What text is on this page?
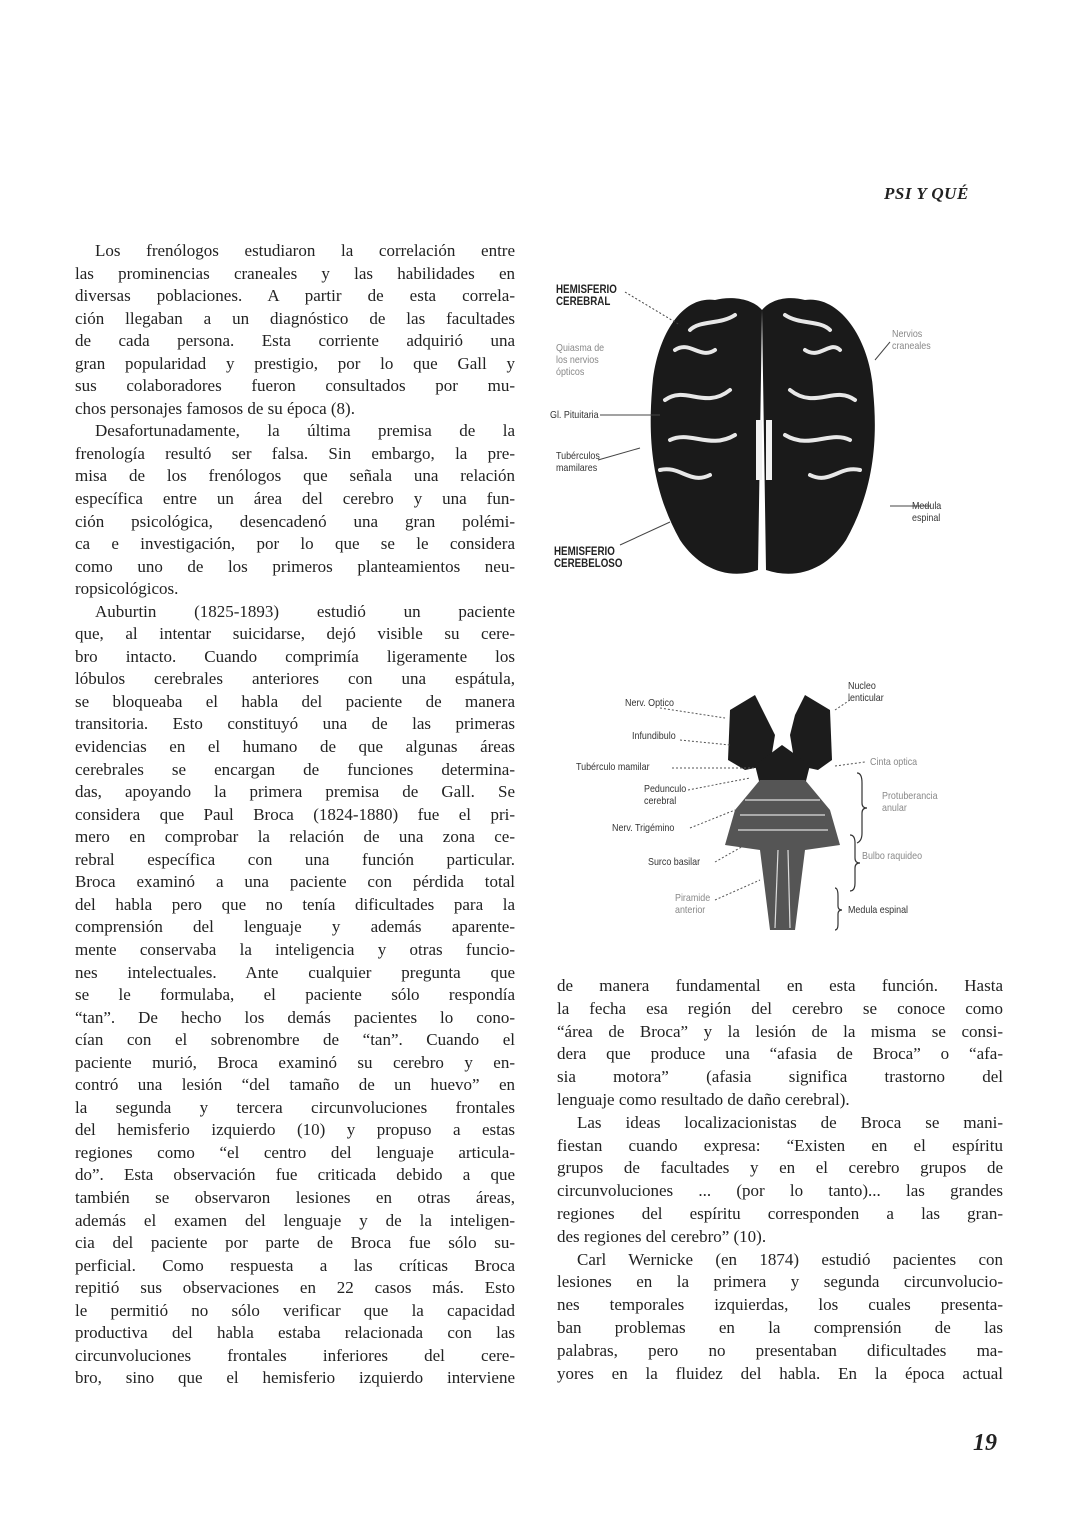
PSI Y QUÉ
Los frenólogos estudiaron la correlación entre
las prominencias craneales y las habilidades en
diversas poblaciones. A partir de esta correla-
ción llegaban a un diagnóstico de las facultades
de cada persona. Esta corriente adquirió una
gran popularidad y prestigio, por lo que Gall y
sus colaboradores fueron consultados por mu-
chos personajes famosos de su época (8).
Desafortunadamente, la última premisa de la
frenología resultó ser falsa. Sin embargo, la pre-
misa de los frenólogos que señala una relación
específica entre un área del cerebro y una fun-
ción psicológica, desencadenó una gran polémi-
ca e investigación, por lo que se le considera
como uno de los primeros planteamientos neu-
ropsicológicos.
Auburtin (1825-1893) estudió un paciente
que, al intentar suicidarse, dejó visible su cere-
bro intacto. Cuando comprimía ligeramente los
lóbulos cerebrales anteriores con una espátula,
se bloqueaba el habla del paciente de manera
transitoria. Esto constituyó una de las primeras
evidencias en el humano de que algunas áreas
cerebrales se encargan de funciones determina-
das, apoyando la primera premisa de Gall. Se
considera que Paul Broca (1824-1880) fue el pri-
mero en comprobar la relación de una zona ce-
rebral específica con una función particular.
Broca examinó a una paciente con pérdida total
del habla pero que no tenía dificultades para la
comprensión del lenguaje y además aparente-
mente conservaba la inteligencia y otras funcio-
nes intelectuales. Ante cualquier pregunta que
se le formulaba, el paciente sólo respondía
“tan”. De hecho los demás pacientes lo cono-
cían con el sobrenombre de “tan”. Cuando el
paciente murió, Broca examinó su cerebro y en-
contró una lesión “del tamaño de un huevo” en
la segunda y tercera circunvoluciones frontales
del hemisferio izquierdo (10) y propuso a estas
regiones como “el centro del lenguaje articula-
do”. Esta observación fue criticada debido a que
también se observaron lesiones en otras áreas,
además el examen del lenguaje y de la inteligen-
cia del paciente por parte de Broca fue sólo su-
perficial. Como respuesta a las críticas Broca
repitió sus observaciones en 22 casos más. Esto
le permitió no sólo verificar que la capacidad
productiva del habla estaba relacionada con las
circunvoluciones frontales inferiores del cere-
bro, sino que el hemisferio izquierdo interviene
de manera fundamental en esta función. Hasta
la fecha esa región del cerebro se conoce como
“área de Broca” y la lesión de la misma se consi-
dera que produce una “afasia de Broca” o “afa-
sia motora” (afasia significa trastorno del
lenguaje como resultado de daño cerebral).
Las ideas localizacionistas de Broca se mani-
fiestan cuando expresa: “Existen en el espíritu
grupos de facultades y en el cerebro grupos de
circunvoluciones ... (por lo tanto)... las grandes
regiones del espíritu corresponden a las gran-
des regiones del cerebro” (10).
Carl Wernicke (en 1874) estudió pacientes con
lesiones en la primera y segunda circunvolucio-
nes temporales izquierdas, los cuales presenta-
ban problemas en la comprensión de las
palabras, pero no presentaban dificultades ma-
yores en la fluidez del habla. En la época actual
HEMISFERIO CEREBRAL
Quiasma de los nervios ópticos
Gl. Pituitaria
Tubérculos mamilares
HEMISFERIO CEREBELOSO
Nervios craneales
Medula espinal
Nerv. Optico
Infundibulo
Tubérculo mamilar
Pedunculo cerebral
Nerv. Trigémino
Surco basilar
Piramide anterior
Nucleo lenticular
Cinta optica
Protuberancia anular
Bulbo raquideo
Medula espinal
19
